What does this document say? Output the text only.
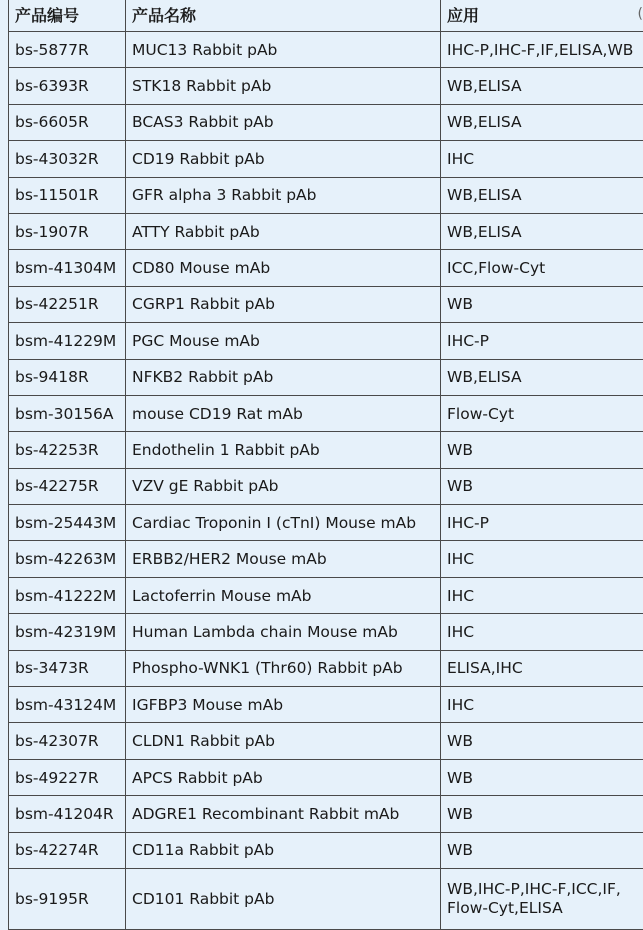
产品编号	产品名称	应用
bs-5877R	MUC13 Rabbit pAb	IHC-P,IHC-F,IF,ELISA,WB
bs-6393R	STK18 Rabbit pAb	WB,ELISA
bs-6605R	BCAS3 Rabbit pAb	WB,ELISA
bs-43032R	CD19 Rabbit pAb	IHC
bs-11501R	GFR alpha 3 Rabbit pAb	WB,ELISA
bs-1907R	ATTY Rabbit pAb	WB,ELISA
bsm-41304M	CD80 Mouse mAb	ICC,Flow-Cyt
bs-42251R	CGRP1 Rabbit pAb	WB
bsm-41229M	PGC Mouse mAb	IHC-P
bs-9418R	NFKB2 Rabbit pAb	WB,ELISA
bsm-30156A	mouse CD19 Rat mAb	Flow-Cyt
bs-42253R	Endothelin 1 Rabbit pAb	WB
bs-42275R	VZV gE Rabbit pAb	WB
bsm-25443M	Cardiac Troponin I (cTnI) Mouse mAb	IHC-P
bsm-42263M	ERBB2/HER2 Mouse mAb	IHC
bsm-41222M	Lactoferrin Mouse mAb	IHC
bsm-42319M	Human Lambda chain Mouse mAb	IHC
bs-3473R	Phospho-WNK1 (Thr60) Rabbit pAb	ELISA,IHC
bsm-43124M	IGFBP3 Mouse mAb	IHC
bs-42307R	CLDN1 Rabbit pAb	WB
bs-49227R	APCS Rabbit pAb	WB
bsm-41204R	ADGRE1 Recombinant Rabbit mAb	WB
bs-42274R	CD11a Rabbit pAb	WB
bs-9195R	CD101 Rabbit pAb	WB,IHC-P,IHC-F,ICC,IF, Flow-Cyt,ELISA
(
